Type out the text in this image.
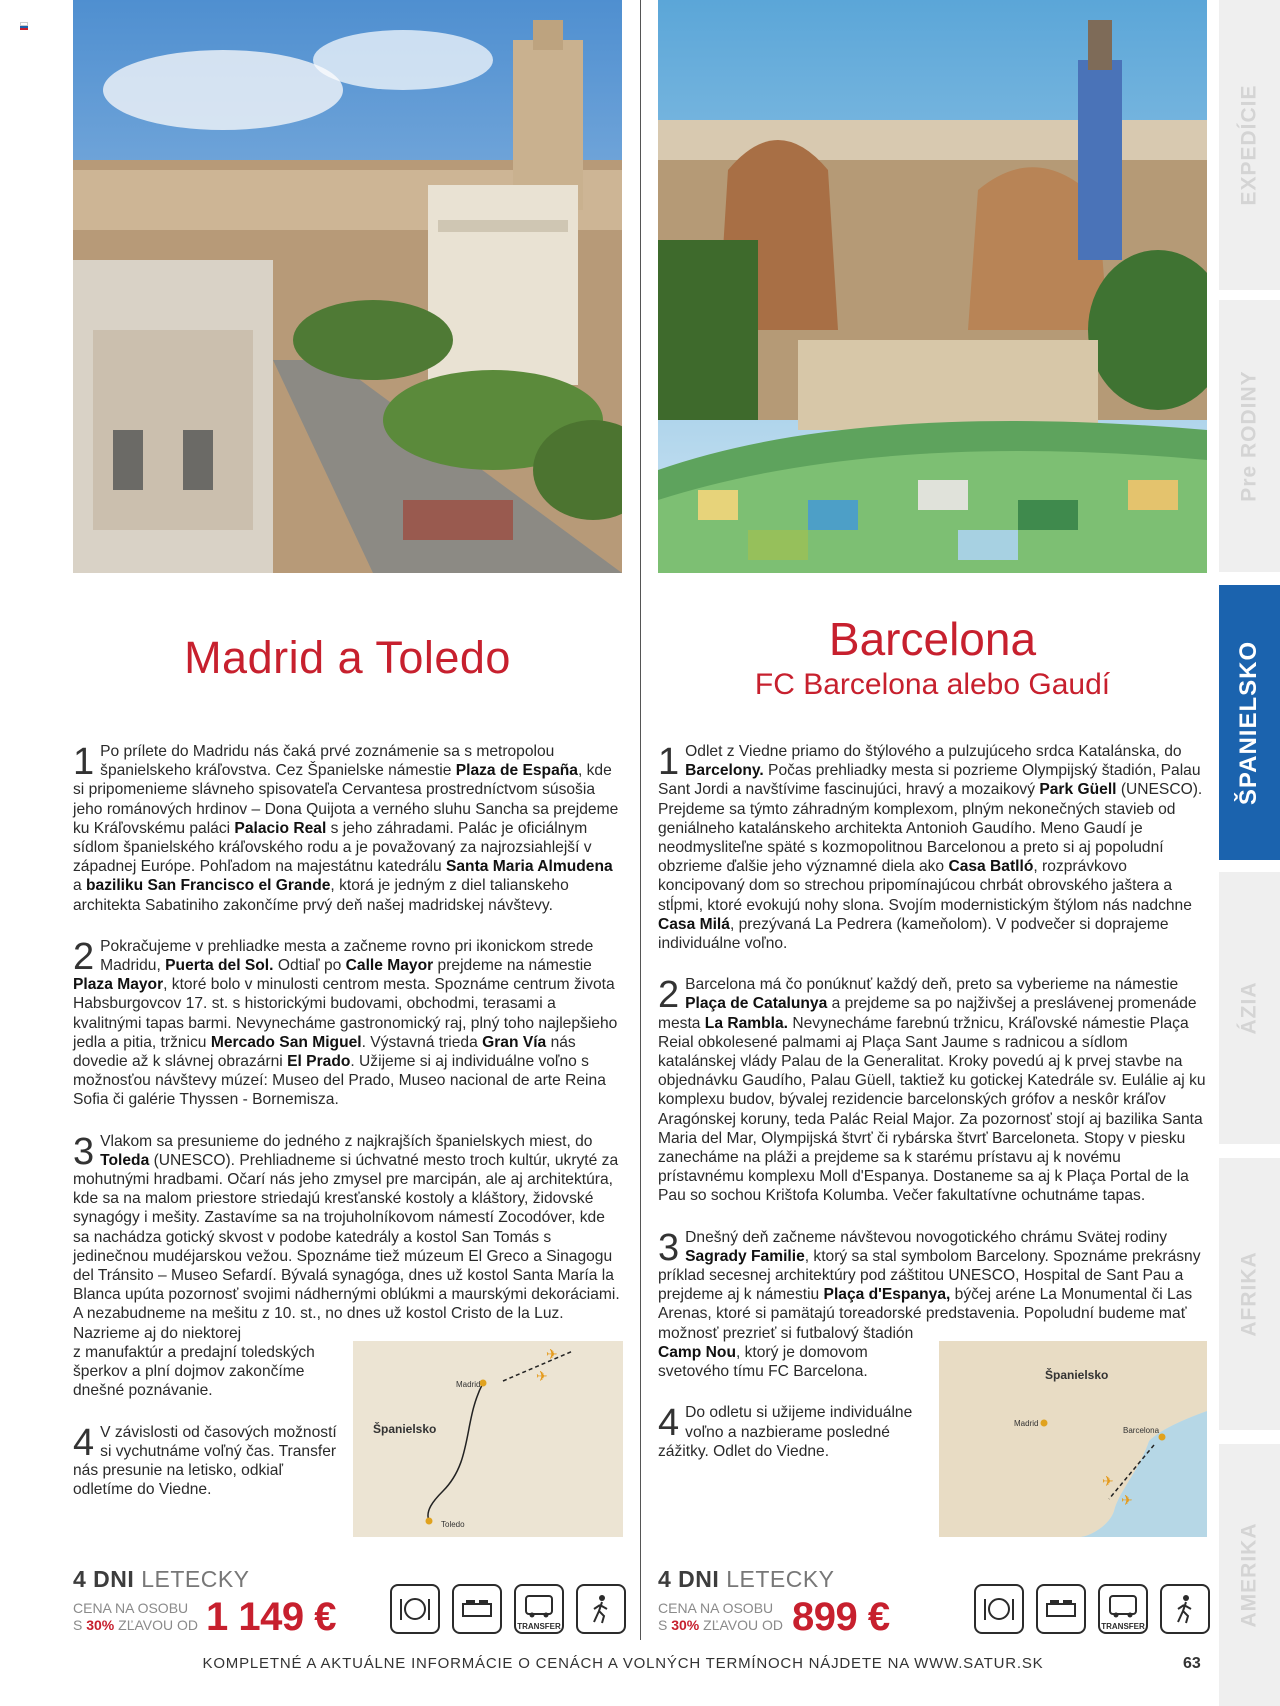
EXPEDÍCIE
Pre RODINY
ŠPANIELSKO
ÁZIA
AFRIKA
AMERIKA
Madrid a Toledo	Barcelona
FC Barcelona alebo Gaudí

1 Po prílete do Madridu nás čaká prvé zoznámenie sa s metropolou španielskeho kráľovstva. Cez Španielske námestie Plaza de España, kde si pripomenieme slávneho spisovateľa Cervantesa prostredníctvom súsošia jeho románových hrdinov – Dona Quijota a verného sluhu Sancha sa prejdeme ku Kráľovskému paláci Palacio Real s jeho záhradami. Palác je oficiálnym sídlom španielského kráľovského rodu a je považovaný za najrozsiahlejší v západnej Európe. Pohľadom na majestátnu katedrálu Santa Maria Almudena a baziliku San Francisco el Grande, ktorá je jedným z diel talianskeho architekta Sabatiniho zakončíme prvý deň našej madridskej návštevy.

2 Pokračujeme v prehliadke mesta a začneme rovno pri ikonickom strede Madridu, Puerta del Sol. Odtiaľ po Calle Mayor prejdeme na námestie Plaza Mayor, ktoré bolo v minulosti centrom mesta. Spoznáme centrum života Habsburgovcov 17. st. s historickými budovami, obchodmi, terasami a kvalitnými tapas barmi. Nevynecháme gastronomický raj, plný toho najlepšieho jedla a pitia, tržnicu Mercado San Miguel. Výstavná trieda Gran Vía nás dovedie až k slávnej obrazárni El Prado. Užijeme si aj individuálne voľno s možnosťou návštevy múzeí: Museo del Prado, Museo nacional de arte Reina Sofia či galérie Thyssen - Bornemisza.

3 Vlakom sa presunieme do jedného z najkrajších španielskych miest, do Toleda (UNESCO). Prehliadneme si úchvatné mesto troch kultúr, ukryté za mohutnými hradbami. Očarí nás jeho zmysel pre marcipán, ale aj architektúra, kde sa na malom priestore striedajú kresťanské kostoly a kláštory, židovské synagógy i mešity. Zastavíme sa na trojuholníkovom námestí Zocodóver, kde sa nachádza gotický skvost v podobe katedrály a kostol San Tomás s jedinečnou mudéjarskou vežou. Spoznáme tiež múzeum El Greco a Sinagogu del Tránsito – Museo Sefardí. Bývalá synagóga, dnes už kostol Santa María la Blanca upúta pozornosť svojimi nádhernými oblúkmi a maurskými dekoráciami. A nezabudneme na mešitu z 10. st., no dnes už kostol Cristo de la Luz. Nazrieme aj do niektorej

z manufaktúr a predajní toledských šperkov a plní dojmov zakončíme dnešné poznávanie.

4 V závislosti od časových možností si vychutnáme voľný čas. Transfer nás presunie na letisko, odkiaľ odletíme do Viedne.

1 Odlet z Viedne priamo do štýlového a pulzujúceho srdca Katalánska, do Barcelony. Počas prehliadky mesta si pozrieme Olympijský štadión, Palau Sant Jordi a navštívime fascinujúci, hravý a mozaikový Park Güell (UNESCO). Prejdeme sa týmto záhradným komplexom, plným nekonečných stavieb od geniálneho katalánskeho architekta Antonioh Gaudího. Meno Gaudí je neodmysliteľne späté s kozmopolitnou Barcelonou a preto si aj popoludní obzrieme ďalšie jeho významné diela ako Casa Batlló, rozprávkovo koncipovaný dom so strechou pripomínajúcou chrbát obrovského jaštera a stĺpmi, ktoré evokujú nohy slona. Svojím modernistickým štýlom nás nadchne Casa Milá, prezývaná La Pedrera (kameňolom). V podvečer si doprajeme individuálne voľno.

2 Barcelona má čo ponúknuť každý deň, preto sa vyberieme na námestie Plaça de Catalunya a prejdeme sa po najživšej a preslávenej promenáde mesta La Rambla. Nevynecháme farebnú tržnicu, Kráľovské námestie Plaça Reial obkolesené palmami aj Plaça Sant Jaume s radnicou a sídlom katalánskej vlády Palau de la Generalitat. Kroky povedú aj k prvej stavbe na objednávku Gaudího, Palau Güell, taktiež ku gotickej Katedrále sv. Eulálie aj ku komplexu budov, bývalej rezidencie barcelonských grófov a neskôr kráľov Aragónskej koruny, teda Palác Reial Major. Za pozornosť stojí aj bazilika Santa Maria del Mar, Olympijská štvrť či rybárska štvrť Barceloneta. Stopy v piesku zanecháme na pláži a prejdeme sa k starému prístavu aj k novému prístavnému komplexu Moll d'Espanya. Dostaneme sa aj k Plaça Portal de la Pau so sochou Krištofa Kolumba. Večer fakultatívne ochutnáme tapas.

3 Dnešný deň začneme návštevou novogotického chrámu Svätej rodiny Sagrady Familie, ktorý sa stal symbolom Barcelony. Spoznáme prekrásny príklad secesnej architektúry pod záštitou UNESCO, Hospital de Sant Pau a prejdeme aj k námestiu Plaça d'Espanya, býčej aréne La Monumental či Las Arenas, ktoré si pamätajú toreadorské predstavenia. Popoludní budeme mať možnosť prezrieť si futbalový štadión

Camp Nou, ktorý je domovom svetového tímu FC Barcelona.

4 Do odletu si užijeme individuálne voľno a nazbierame posledné zážitky. Odlet do Viedne.

✈
✈
Madrid
Toledo
Španielsko
✈
✈
Madrid
Barcelona
Španielsko
4 DNI LETECKY
CENA NA OSOBU
S 30% ZĽAVOU OD 1 149 €	TRANSFER
4 DNI LETECKY
CENA NA OSOBU
S 30% ZĽAVOU OD 899 €	TRANSFER
KOMPLETNÉ A AKTUÁLNE INFORMÁCIE O CENÁCH A VOLNÝCH TERMÍNOCH NÁJDETE NA WWW.SATUR.SK	63
